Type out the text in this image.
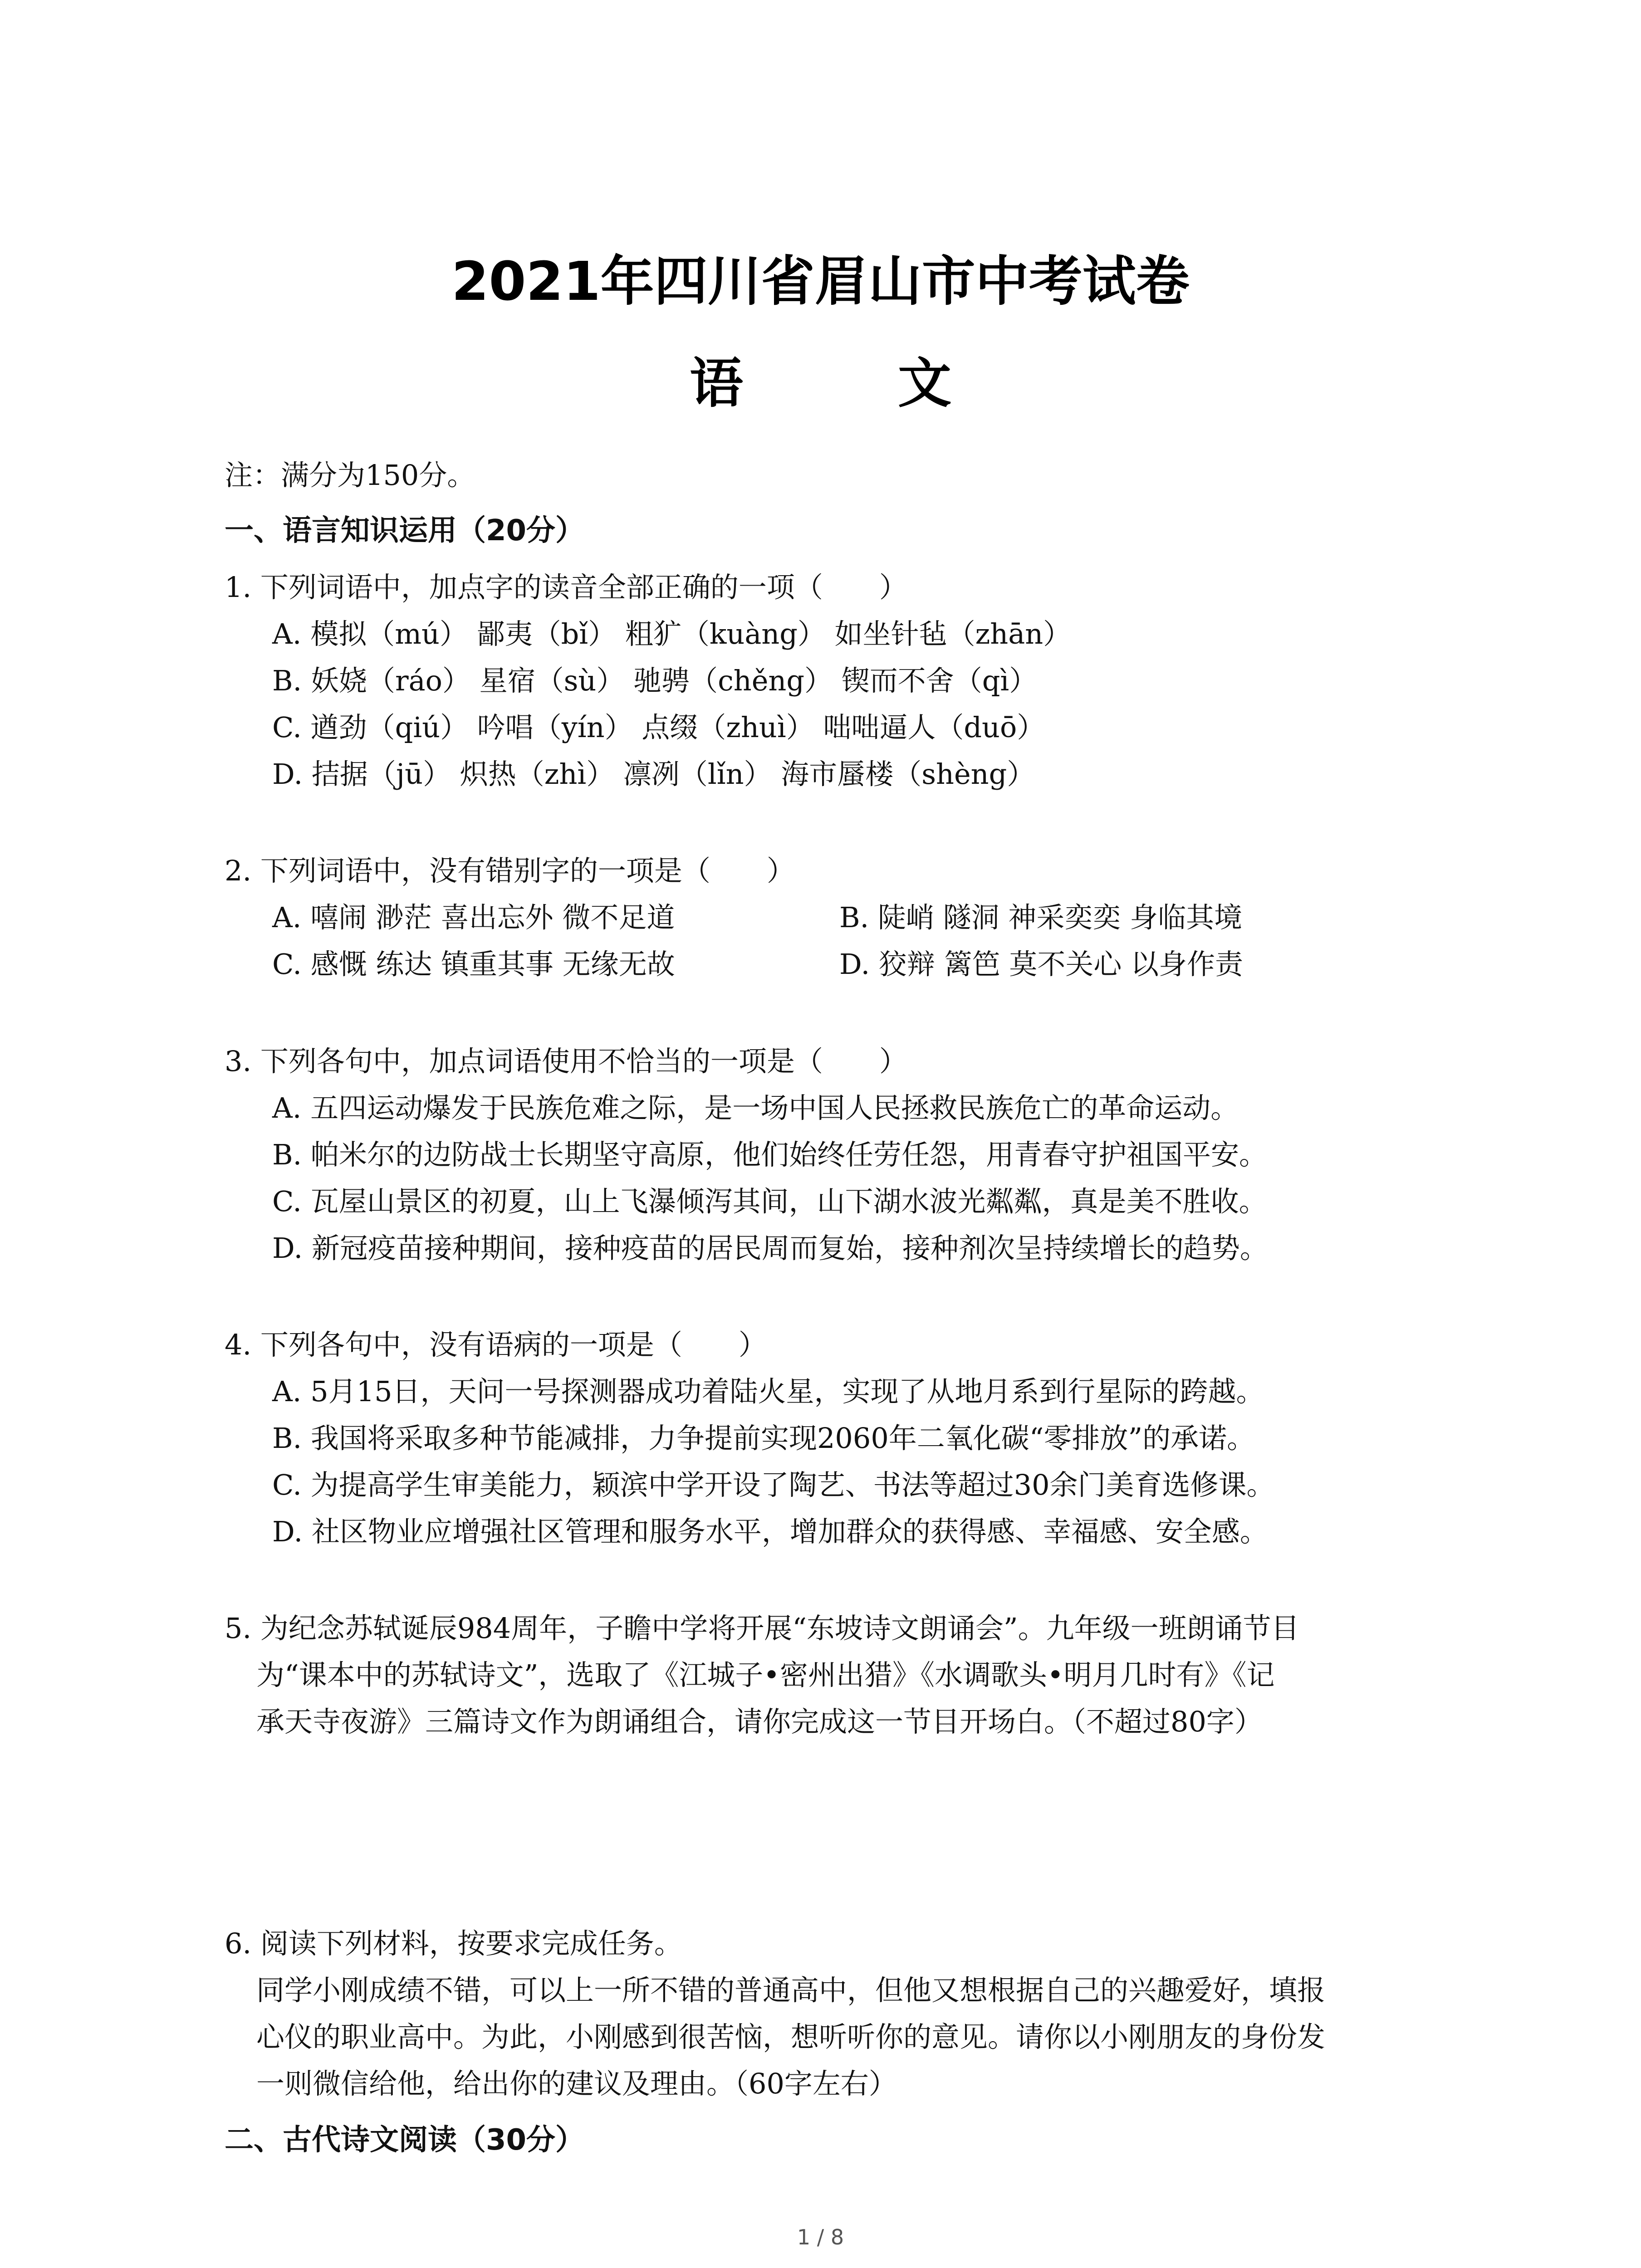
2021年四川省眉山市中考试卷
语 文
注：满分为150分。
一、语言知识运用（20分）
1. 下列词语中，加点字的读音全部正确的一项（　　）
A. 模拟（mú） 鄙夷（bǐ） 粗犷（kuàng） 如坐针毡（zhān）
B. 妖娆（ráo） 星宿（sù） 驰骋（chěng） 锲而不舍（qì）
C. 遒劲（qiú） 吟唱（yín） 点缀（zhuì） 咄咄逼人（duō）
D. 拮据（jū） 炽热（zhì） 凛冽（lǐn） 海市蜃楼（shèng）
2. 下列词语中，没有错别字的一项是（　　）
A. 嘻闹 渺茫 喜出忘外 微不足道	B. 陡峭 隧洞 神采奕奕 身临其境
C. 感慨 练达 镇重其事 无缘无故	D. 狡辩 篱笆 莫不关心 以身作责
3. 下列各句中，加点词语使用不恰当的一项是（　　）
A. 五四运动爆发于民族危难之际，是一场中国人民拯救民族危亡的革命运动。
B. 帕米尔的边防战士长期坚守高原，他们始终任劳任怨，用青春守护祖国平安。
C. 瓦屋山景区的初夏，山上飞瀑倾泻其间，山下湖水波光粼粼，真是美不胜收。
D. 新冠疫苗接种期间，接种疫苗的居民周而复始，接种剂次呈持续增长的趋势。
4. 下列各句中，没有语病的一项是（　　）
A. 5月15日，天问一号探测器成功着陆火星，实现了从地月系到行星际的跨越。
B. 我国将采取多种节能减排，力争提前实现2060年二氧化碳“零排放”的承诺。
C. 为提高学生审美能力，颖滨中学开设了陶艺、书法等超过30余门美育选修课。
D. 社区物业应增强社区管理和服务水平，增加群众的获得感、幸福感、安全感。
5. 为纪念苏轼诞辰984周年，子瞻中学将开展“东坡诗文朗诵会”。九年级一班朗诵节目
为“课本中的苏轼诗文”，选取了《江城子•密州出猎》《水调歌头•明月几时有》《记
承天寺夜游》三篇诗文作为朗诵组合，请你完成这一节目开场白。（不超过80字）
6. 阅读下列材料，按要求完成任务。
同学小刚成绩不错，可以上一所不错的普通高中，但他又想根据自己的兴趣爱好，填报
心仪的职业高中。为此，小刚感到很苦恼，想听听你的意见。请你以小刚朋友的身份发
一则微信给他，给出你的建议及理由。（60字左右）
二、古代诗文阅读（30分）
1 / 8
